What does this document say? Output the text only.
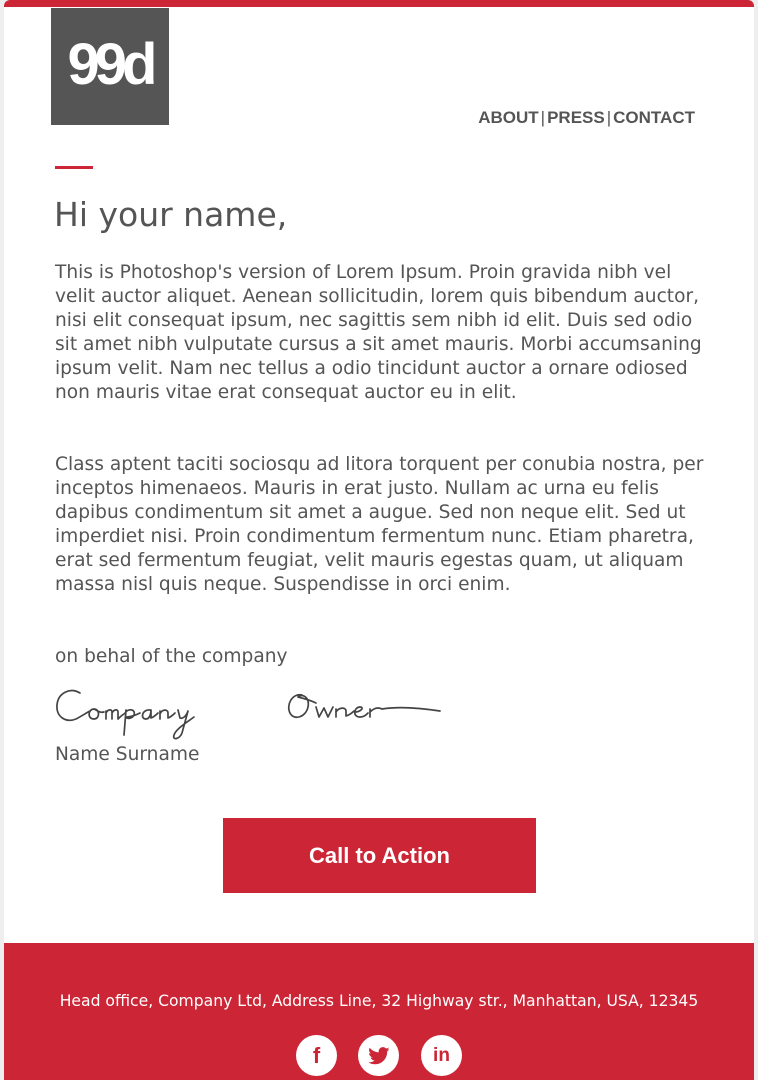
99d
ABOUT | PRESS | CONTACT
Hi your name,

This is Photoshop's version of Lorem Ipsum. Proin gravida nibh vel velit auctor aliquet. Aenean sollicitudin, lorem quis bibendum auctor, nisi elit consequat ipsum, nec sagittis sem nibh id elit. Duis sed odio sit amet nibh vulputate cursus a sit amet mauris. Morbi accumsaning ipsum velit. Nam nec tellus a odio tincidunt auctor a ornare odiosed non mauris vitae erat consequat auctor eu in elit.

Class aptent taciti sociosqu ad litora torquent per conubia nostra, per inceptos himenaeos. Mauris in erat justo. Nullam ac urna eu felis dapibus condimentum sit amet a augue. Sed non neque elit. Sed ut imperdiet nisi. Proin condimentum fermentum nunc. Etiam pharetra, erat sed fermentum feugiat, velit mauris egestas quam, ut aliquam massa nisl quis neque. Suspendisse in orci enim.

on behal of the company

Name Surname
Call to Action
Head office, Company Ltd, Address Line, 32 Highway str., Manhattan, USA, 12345
f	in
